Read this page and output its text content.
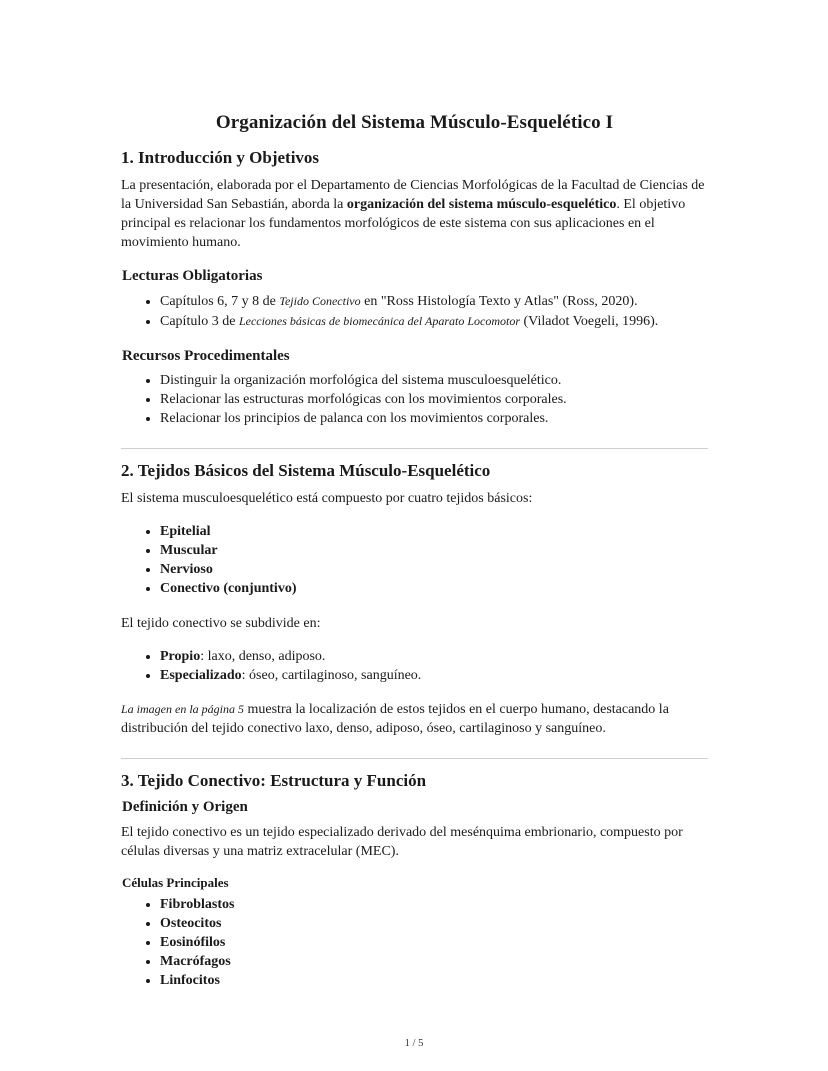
Organización del Sistema Músculo-Esquelético I
1. Introducción y Objetivos

La presentación, elaborada por el Departamento de Ciencias Morfológicas de la Facultad de Ciencias de la Universidad San Sebastián, aborda la organización del sistema músculo-esquelético. El objetivo principal es relacionar los fundamentos morfológicos de este sistema con sus aplicaciones en el movimiento humano.

Lecturas Obligatorias
• Capítulos 6, 7 y 8 de Tejido Conectivo en "Ross Histología Texto y Atlas" (Ross, 2020).
• Capítulo 3 de Lecciones básicas de biomecánica del Aparato Locomotor (Viladot Voegeli, 1996).
Recursos Procedimentales
• Distinguir la organización morfológica del sistema musculoesquelético.
• Relacionar las estructuras morfológicas con los movimientos corporales.
• Relacionar los principios de palanca con los movimientos corporales.
2. Tejidos Básicos del Sistema Músculo-Esquelético

El sistema musculoesquelético está compuesto por cuatro tejidos básicos:

• Epitelial
• Muscular
• Nervioso
• Conectivo (conjuntivo)

El tejido conectivo se subdivide en:

• Propio: laxo, denso, adiposo.
• Especializado: óseo, cartilaginoso, sanguíneo.

La imagen en la página 5 muestra la localización de estos tejidos en el cuerpo humano, destacando la distribución del tejido conectivo laxo, denso, adiposo, óseo, cartilaginoso y sanguíneo.

3. Tejido Conectivo: Estructura y Función
Definición y Origen

El tejido conectivo es un tejido especializado derivado del mesénquima embrionario, compuesto por células diversas y una matriz extracelular (MEC).

Células Principales
• Fibroblastos
• Osteocitos
• Eosinófilos
• Macrófagos
• Linfocitos
1 / 5
